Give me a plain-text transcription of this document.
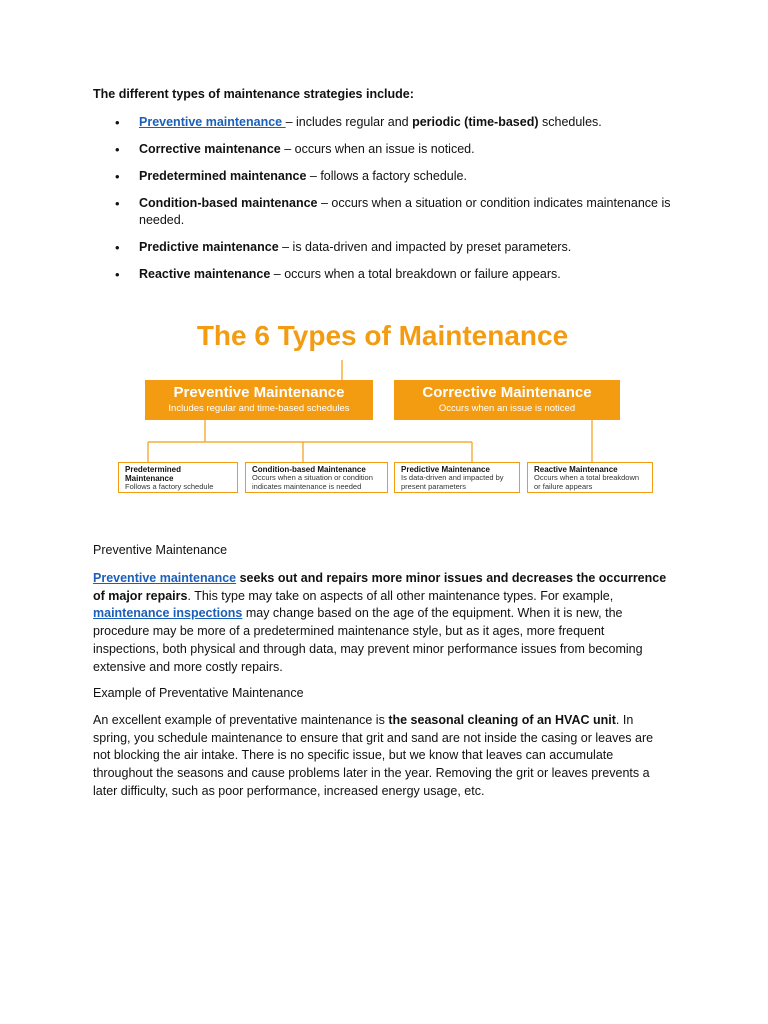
The different types of maintenance strategies include:
• Preventive maintenance – includes regular and periodic (time-based) schedules.
• Corrective maintenance – occurs when an issue is noticed.
• Predetermined maintenance – follows a factory schedule.
• Condition-based maintenance – occurs when a situation or condition indicates maintenance is needed.
• Predictive maintenance – is data-driven and impacted by preset parameters.
• Reactive maintenance – occurs when a total breakdown or failure appears.
The 6 Types of Maintenance
Preventive Maintenance
Includes regular and time-based schedules
Corrective Maintenance
Occurs when an issue is noticed
Predetermined Maintenance
Follows a factory schedule
Condition-based Maintenance
Occurs when a situation or condition indicates maintenance is needed
Predictive Maintenance
Is data-driven and impacted by present parameters
Reactive Maintenance
Occurs when a total breakdown or failure appears
Preventive Maintenance

Preventive maintenance seeks out and repairs more minor issues and decreases the occurrence of major repairs. This type may take on aspects of all other maintenance types. For example, maintenance inspections may change based on the age of the equipment. When it is new, the procedure may be more of a predetermined maintenance style, but as it ages, more frequent inspections, both physical and through data, may prevent minor performance issues from becoming extensive and more costly repairs.

Example of Preventative Maintenance

An excellent example of preventative maintenance is the seasonal cleaning of an HVAC unit. In spring, you schedule maintenance to ensure that grit and sand are not inside the casing or leaves are not blocking the air intake. There is no specific issue, but we know that leaves can accumulate throughout the seasons and cause problems later in the year. Removing the grit or leaves prevents a later difficulty, such as poor performance, increased energy usage, etc.
